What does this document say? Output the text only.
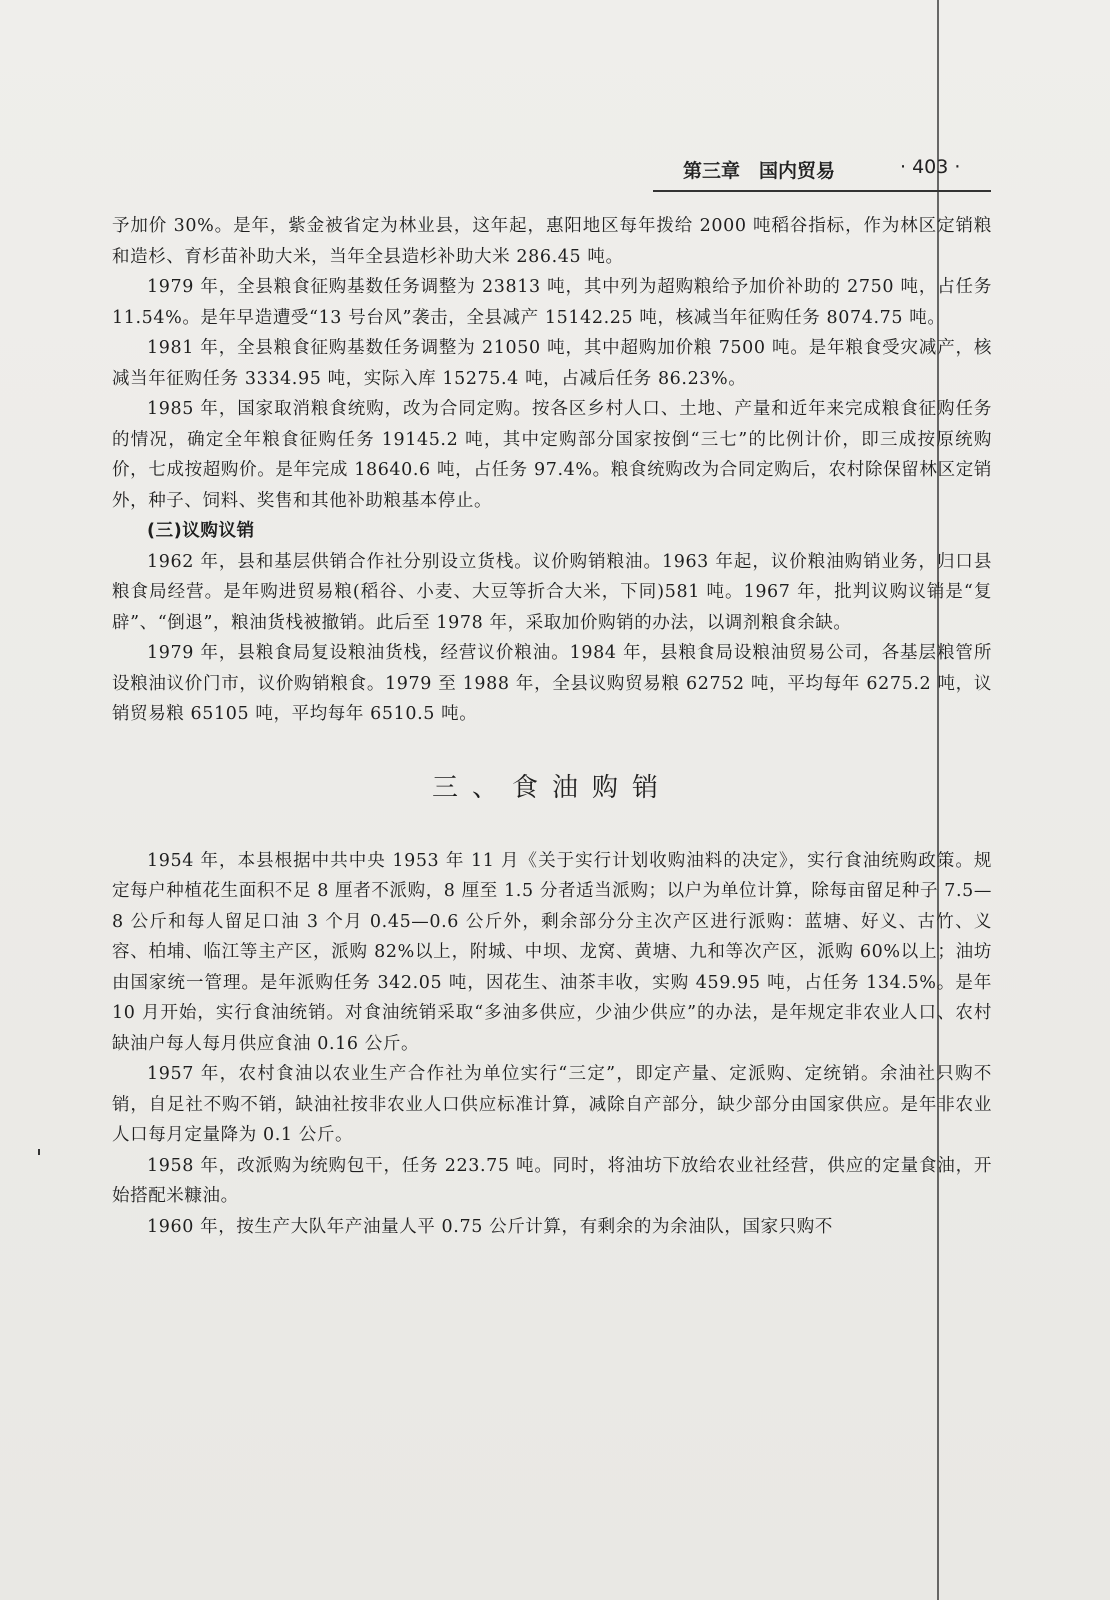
第三章　国内贸易	· 403 ·

予加价 30%。是年，紫金被省定为林业县，这年起，惠阳地区每年拨给 2000 吨稻谷指标，作为林区定销粮和造杉、育杉苗补助大米，当年全县造杉补助大米 286.45 吨。

1979 年，全县粮食征购基数任务调整为 23813 吨，其中列为超购粮给予加价补助的 2750 吨，占任务 11.54%。是年早造遭受“13 号台风”袭击，全县减产 15142.25 吨，核减当年征购任务 8074.75 吨。

1981 年，全县粮食征购基数任务调整为 21050 吨，其中超购加价粮 7500 吨。是年粮食受灾减产，核减当年征购任务 3334.95 吨，实际入库 15275.4 吨，占减后任务 86.23%。

1985 年，国家取消粮食统购，改为合同定购。按各区乡村人口、土地、产量和近年来完成粮食征购任务的情况，确定全年粮食征购任务 19145.2 吨，其中定购部分国家按倒“三七”的比例计价，即三成按原统购价，七成按超购价。是年完成 18640.6 吨，占任务 97.4%。粮食统购改为合同定购后，农村除保留林区定销外，种子、饲料、奖售和其他补助粮基本停止。

(三)议购议销

1962 年，县和基层供销合作社分别设立货栈。议价购销粮油。1963 年起，议价粮油购销业务，归口县粮食局经营。是年购进贸易粮(稻谷、小麦、大豆等折合大米，下同)581 吨。1967 年，批判议购议销是“复辟”、“倒退”，粮油货栈被撤销。此后至 1978 年，采取加价购销的办法，以调剂粮食余缺。

1979 年，县粮食局复设粮油货栈，经营议价粮油。1984 年，县粮食局设粮油贸易公司，各基层粮管所设粮油议价门市，议价购销粮食。1979 至 1988 年，全县议购贸易粮 62752 吨，平均每年 6275.2 吨，议销贸易粮 65105 吨，平均每年 6510.5 吨。

三、食油购销

1954 年，本县根据中共中央 1953 年 11 月《关于实行计划收购油料的决定》，实行食油统购政策。规定每户种植花生面积不足 8 厘者不派购，8 厘至 1.5 分者适当派购；以户为单位计算，除每亩留足种子 7.5—8 公斤和每人留足口油 3 个月 0.45—0.6 公斤外，剩余部分分主次产区进行派购：蓝塘、好义、古竹、义容、柏埔、临江等主产区，派购 82%以上，附城、中坝、龙窝、黄塘、九和等次产区，派购 60%以上；油坊由国家统一管理。是年派购任务 342.05 吨，因花生、油茶丰收，实购 459.95 吨，占任务 134.5%。是年 10 月开始，实行食油统销。对食油统销采取“多油多供应，少油少供应”的办法，是年规定非农业人口、农村缺油户每人每月供应食油 0.16 公斤。

1957 年，农村食油以农业生产合作社为单位实行“三定”，即定产量、定派购、定统销。余油社只购不销，自足社不购不销，缺油社按非农业人口供应标准计算，减除自产部分，缺少部分由国家供应。是年非农业人口每月定量降为 0.1 公斤。

1958 年，改派购为统购包干，任务 223.75 吨。同时，将油坊下放给农业社经营，供应的定量食油，开始搭配米糠油。

1960 年，按生产大队年产油量人平 0.75 公斤计算，有剩余的为余油队，国家只购不
